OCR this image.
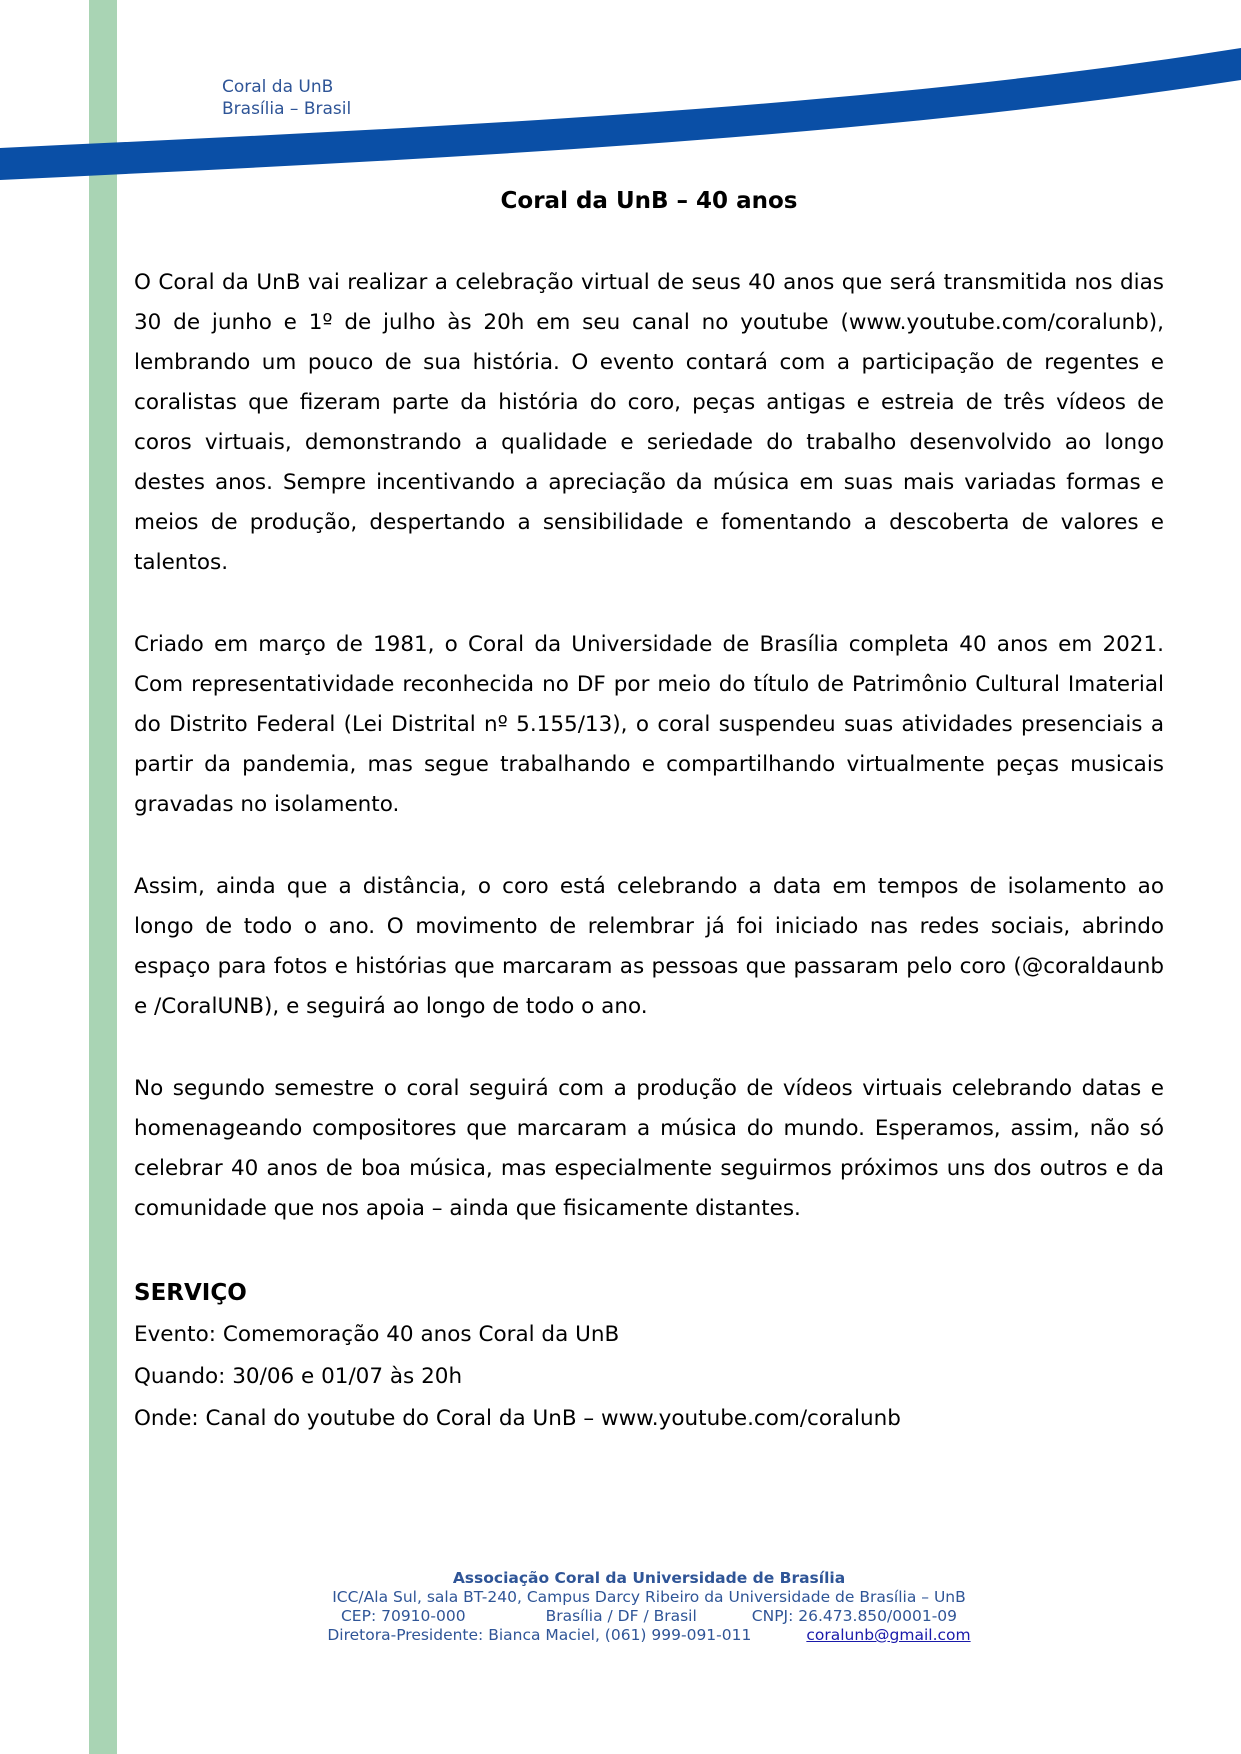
Coral da UnB
Brasília – Brasil
Coral da UnB – 40 anos

O Coral da UnB vai realizar a celebração virtual de seus 40 anos que será transmitida nos dias 30 de junho e 1º de julho às 20h em seu canal no youtube (www.youtube.com/coralunb), lembrando um pouco de sua história. O evento contará com a participação de regentes e coralistas que fizeram parte da história do coro, peças antigas e estreia de três vídeos de coros virtuais, demonstrando a qualidade e seriedade do trabalho desenvolvido ao longo destes anos. Sempre incentivando a apreciação da música em suas mais variadas formas e meios de produção, despertando a sensibilidade e fomentando a descoberta de valores e talentos.

Criado em março de 1981, o Coral da Universidade de Brasília completa 40 anos em 2021. Com representatividade reconhecida no DF por meio do título de Patrimônio Cultural Imaterial do Distrito Federal (Lei Distrital nº 5.155/13), o coral suspendeu suas atividades presenciais a partir da pandemia, mas segue trabalhando e compartilhando virtualmente peças musicais gravadas no isolamento.

Assim, ainda que a distância, o coro está celebrando a data em tempos de isolamento ao longo de todo o ano. O movimento de relembrar já foi iniciado nas redes sociais, abrindo espaço para fotos e histórias que marcaram as pessoas que passaram pelo coro (@coraldaunb e /CoralUNB), e seguirá ao longo de todo o ano.

No segundo semestre o coral seguirá com a produção de vídeos virtuais celebrando datas e homenageando compositores que marcaram a música do mundo. Esperamos, assim, não só celebrar 40 anos de boa música, mas especialmente seguirmos próximos uns dos outros e da comunidade que nos apoia – ainda que fisicamente distantes.

SERVIÇO
Evento: Comemoração 40 anos Coral da UnB
Quando: 30/06 e 01/07 às 20h
Onde: Canal do youtube do Coral da UnB – www.youtube.com/coralunb
Associação Coral da Universidade de Brasília
ICC/Ala Sul, sala BT-240, Campus Darcy Ribeiro da Universidade de Brasília – UnB
CEP: 70910-000	Brasília / DF / Brasil	CNPJ: 26.473.850/0001-09
Diretora-Presidente: Bianca Maciel, (061) 999-091-011	coralunb@gmail.com
